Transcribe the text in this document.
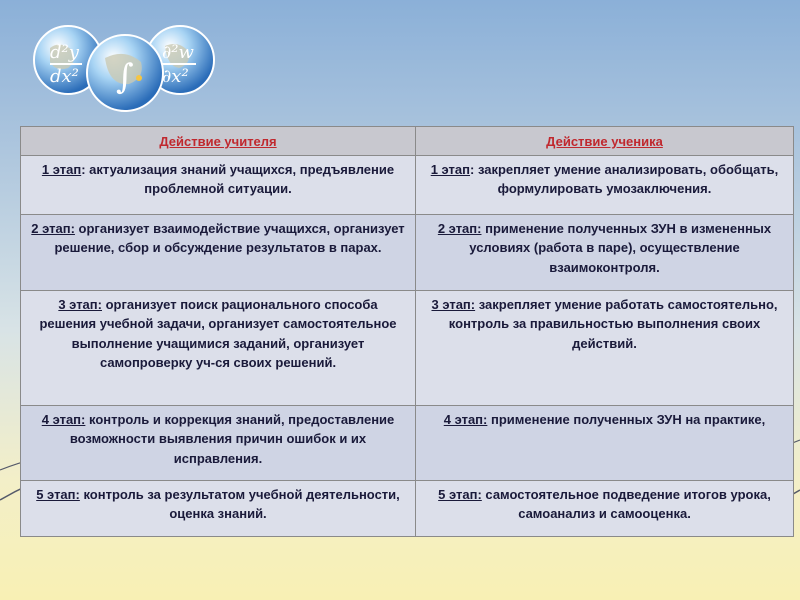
d²y
dx²
∂²w
∂x²
∫
Действие учителя	Действие ученика
1 этап: актуализация знаний учащихся, предъявление проблемной ситуации.	1 этап: закрепляет умение анализировать, обобщать, формулировать умозаключения.
2 этап: организует взаимодействие учащихся, организует решение, сбор и обсуждение результатов в парах.	2 этап: применение полученных ЗУН в измененных условиях (работа в паре), осуществление взаимоконтроля.
3 этап: организует поиск рационального способа решения учебной задачи, организует самостоятельное выполнение учащимися заданий, организует самопроверку уч-ся своих решений.	3 этап: закрепляет умение работать самостоятельно, контроль за правильностью выполнения своих действий.
4 этап: контроль и коррекция знаний, предоставление возможности выявления причин ошибок и их исправления.	4 этап: применение полученных ЗУН на практике,
5 этап: контроль за результатом учебной деятельности, оценка знаний.	5 этап: самостоятельное подведение итогов урока, самоанализ и самооценка.
